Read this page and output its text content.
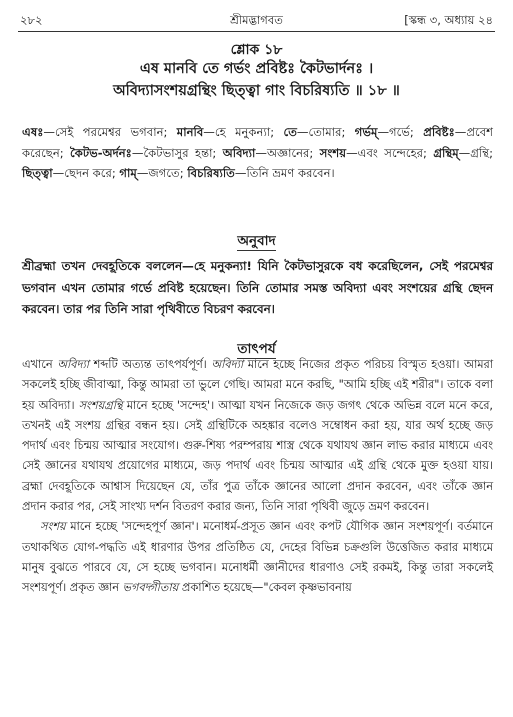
২৮২	শ্রীমদ্ভাগবত	[স্কন্ধ ৩, অধ্যায় ২৪
শ্লোক ১৮
এষ মানবি তে গর্ভং প্রবিষ্টঃ কৈটভার্দনঃ ।
অবিদ্যাসংশয়গ্রন্থিং ছিত্ত্বা গাং বিচরিষ্যতি ॥ ১৮ ॥
এষঃ—সেই পরমেশ্বর ভগবান; মানবি—হে মনুকন্যা; তে—তোমার; গর্ভম্—গর্ভে; প্রবিষ্টঃ—প্রবেশ করেছেন; কৈটভ-অর্দনঃ—কৈটভাসুর হন্তা; অবিদ্যা—অজ্ঞানের; সংশয়—এবং সন্দেহের; গ্রন্থিম্—গ্রন্থি; ছিত্ত্বা—ছেদন করে; গাম্—জগতে; বিচরিষ্যতি—তিনি ভ্রমণ করবেন।
অনুবাদ
শ্রীব্রহ্মা তখন দেবহূতিকে বললেন—হে মনুকন্যা! যিনি কৈটভাসুরকে বধ করেছিলেন, সেই পরমেশ্বর ভগবান এখন তোমার গর্ভে প্রবিষ্ট হয়েছেন। তিনি তোমার সমস্ত অবিদ্যা এবং সংশয়ের গ্রন্থি ছেদন করবেন। তার পর তিনি সারা পৃথিবীতে বিচরণ করবেন।
তাৎপর্য

এখানে অবিদ্যা শব্দটি অত্যন্ত তাৎপর্যপূর্ণ। অবিদ্যা মানে হচ্ছে নিজের প্রকৃত পরিচয় বিস্মৃত হওয়া। আমরা সকলেই হচ্ছি জীবাত্মা, কিন্তু আমরা তা ভুলে গেছি। আমরা মনে করছি, "আমি হচ্ছি এই শরীর"। তাকে বলা হয় অবিদ্যা। সংশয়গ্রন্থি মানে হচ্ছে 'সন্দেহ'। আত্মা যখন নিজেকে জড় জগৎ থেকে অভিন্ন বলে মনে করে, তখনই এই সংশয় গ্রন্থির বন্ধন হয়। সেই গ্রন্থিটিকে অহঙ্কার বলেও সম্বোধন করা হয়, যার অর্থ হচ্ছে জড় পদার্থ এবং চিন্ময় আত্মার সংযোগ। গুরু-শিষ্য পরম্পরায় শাস্ত্র থেকে যথাযথ জ্ঞান লাভ করার মাধ্যমে এবং সেই জ্ঞানের যথাযথ প্রয়োগের মাধ্যমে, জড় পদার্থ এবং চিন্ময় আত্মার এই গ্রন্থি থেকে মুক্ত হওয়া যায়। ব্রহ্মা দেবহূতিকে আশ্বাস দিয়েছেন যে, তাঁর পুত্র তাঁকে জ্ঞানের আলো প্রদান করবেন, এবং তাঁকে জ্ঞান প্রদান করার পর, সেই সাংখ্য দর্শন বিতরণ করার জন্য, তিনি সারা পৃথিবী জুড়ে ভ্রমণ করবেন।

সংশয় মানে হচ্ছে 'সন্দেহপূর্ণ জ্ঞান'। মনোধর্ম-প্রসূত জ্ঞান এবং কপট যৌগিক জ্ঞান সংশয়পূর্ণ। বর্তমানে তথাকথিত যোগ-পদ্ধতি এই ধারণার উপর প্রতিষ্ঠিত যে, দেহের বিভিন্ন চক্রগুলি উত্তেজিত করার মাধ্যমে মানুষ বুঝতে পারবে যে, সে হচ্ছে ভগবান। মনোধর্মী জ্ঞানীদের ধারণাও সেই রকমই, কিন্তু তারা সকলেই সংশয়পূর্ণ। প্রকৃত জ্ঞান ভগবদ্গীতায় প্রকাশিত হয়েছে—"কেবল কৃষ্ণভাবনায়
